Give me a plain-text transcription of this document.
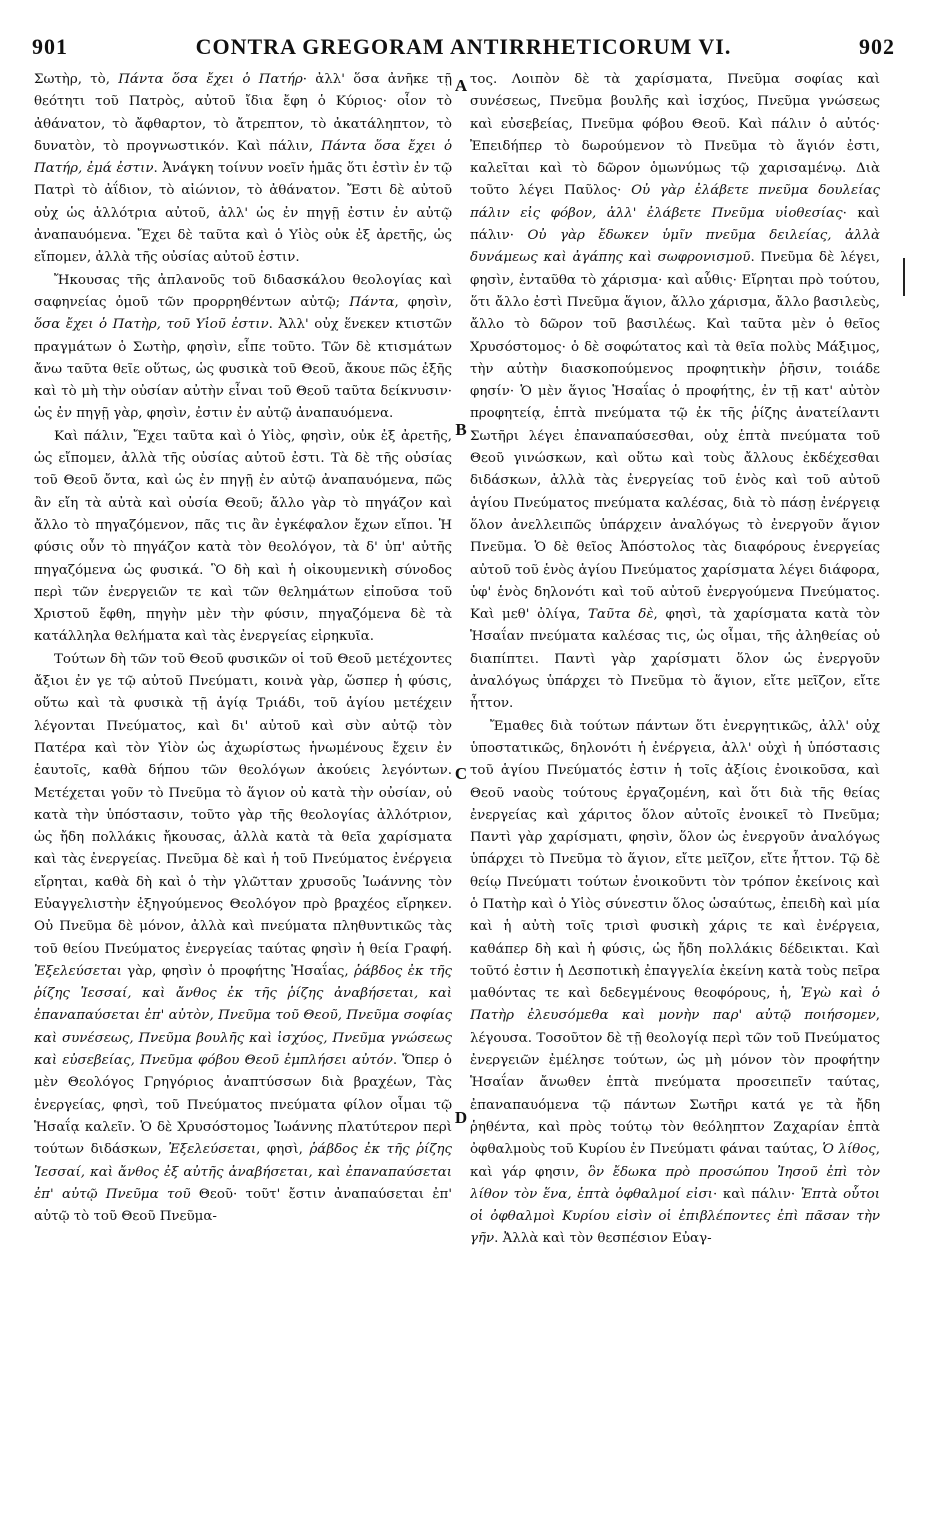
901	CONTRA GREGORAM ANTIRRHETICORUM VI.	902

Σωτὴρ, τὸ, Πάντα ὅσα ἔχει ὁ Πατήρ· ἀλλ' ὅσα ἀνῆκε τῇ θεότητι τοῦ Πατρὸς, αὐτοῦ ἴδια ἔφη ὁ Κύριος· οἷον τὸ ἀθάνατον, τὸ ἄφθαρτον, τὸ ἄτρεπτον, τὸ ἀκατάληπτον, τὸ δυνατὸν, τὸ προγνωστικόν. Καὶ πάλιν, Πάντα ὅσα ἔχει ὁ Πατήρ, ἐμά ἐστιν. Ἀνάγκη τοίνυν νοεῖν ἡμᾶς ὅτι ἐστὶν ἐν τῷ Πατρὶ τὸ ἀΐδιον, τὸ αἰώνιον, τὸ ἀθάνατον. Ἔστι δὲ αὐτοῦ οὐχ ὡς ἀλλότρια αὐτοῦ, ἀλλ' ὡς ἐν πηγῇ ἐστιν ἐν αὐτῷ ἀναπαυόμενα. Ἔχει δὲ ταῦτα καὶ ὁ Υἱὸς οὐκ ἐξ ἀρετῆς, ὡς εἴπομεν, ἀλλὰ τῆς οὐσίας αὐτοῦ ἐστιν.

Ἤκουσας τῆς ἀπλανοῦς τοῦ διδασκάλου θεολογίας καὶ σαφηνείας ὁμοῦ τῶν προρρηθέντων αὐτῷ; Πάντα, φησὶν, ὅσα ἔχει ὁ Πατὴρ, τοῦ Υἱοῦ ἐστιν. Ἀλλ' οὐχ ἕνεκεν κτιστῶν πραγμάτων ὁ Σωτὴρ, φησὶν, εἶπε τοῦτο. Τῶν δὲ κτισμάτων ἄνω ταῦτα θεῖε οὕτως, ὡς φυσικὰ τοῦ Θεοῦ, ἄκουε πῶς ἐξῆς καὶ τὸ μὴ τὴν οὐσίαν αὐτὴν εἶναι τοῦ Θεοῦ ταῦτα δείκνυσιν· ὡς ἐν πηγῇ γὰρ, φησὶν, ἐστιν ἐν αὐτῷ ἀναπαυόμενα.

Καὶ πάλιν, Ἔχει ταῦτα καὶ ὁ Υἱὸς, φησὶν, οὐκ ἐξ ἀρετῆς, ὡς εἴπομεν, ἀλλὰ τῆς οὐσίας αὐτοῦ ἐστι. Τὰ δὲ τῆς οὐσίας τοῦ Θεοῦ ὄντα, καὶ ὡς ἐν πηγῇ ἐν αὐτῷ ἀναπαυόμενα, πῶς ἂν εἴη τὰ αὐτὰ καὶ οὐσία Θεοῦ; ἄλλο γὰρ τὸ πηγάζον καὶ ἄλλο τὸ πηγαζόμενον, πᾶς τις ἂν ἐγκέφαλον ἔχων εἴποι. Ἡ φύσις οὖν τὸ πηγάζον κατὰ τὸν θεολόγον, τὰ δ' ὑπ' αὐτῆς πηγαζόμενα ὡς φυσικά. Ὃ δὴ καὶ ἡ οἰκουμενικὴ σύνοδος περὶ τῶν ἐνεργειῶν τε καὶ τῶν θελημάτων εἰποῦσα τοῦ Χριστοῦ ἔφθη, πηγὴν μὲν τὴν φύσιν, πηγαζόμενα δὲ τὰ κατάλληλα θελήματα καὶ τὰς ἐνεργείας εἰρηκυῖα.

Τούτων δὴ τῶν τοῦ Θεοῦ φυσικῶν οἱ τοῦ Θεοῦ μετέχοντες ἄξιοι ἐν γε τῷ αὐτοῦ Πνεύματι, κοινὰ γὰρ, ὥσπερ ἡ φύσις, οὕτω καὶ τὰ φυσικὰ τῇ ἁγίᾳ Τριάδι, τοῦ ἁγίου μετέχειν λέγονται Πνεύματος, καὶ δι' αὐτοῦ καὶ σὺν αὐτῷ τὸν Πατέρα καὶ τὸν Υἱὸν ὡς ἀχωρίστως ἡνωμένους ἔχειν ἐν ἑαυτοῖς, καθὰ δήπου τῶν θεολόγων ἀκούεις λεγόντων. Μετέχεται γοῦν τὸ Πνεῦμα τὸ ἅγιον οὐ κατὰ τὴν οὐσίαν, οὐ κατὰ τὴν ὑπόστασιν, τοῦτο γὰρ τῆς θεολογίας ἀλλότριον, ὡς ἤδη πολλάκις ἤκουσας, ἀλλὰ κατὰ τὰ θεῖα χαρίσματα καὶ τὰς ἐνεργείας. Πνεῦμα δὲ καὶ ἡ τοῦ Πνεύματος ἐνέργεια εἴρηται, καθὰ δὴ καὶ ὁ τὴν γλῶτταν χρυσοῦς Ἰωάννης τὸν Εὐαγγελιστὴν ἐξηγούμενος Θεολόγον πρὸ βραχέος εἴρηκεν. Οὐ Πνεῦμα δὲ μόνον, ἀλλὰ καὶ πνεύματα πληθυντικῶς τὰς τοῦ θείου Πνεύματος ἐνεργείας ταύτας φησὶν ἡ θεία Γραφή. Ἐξελεύσεται γὰρ, φησὶν ὁ προφήτης Ἡσαΐας, ῥάβδος ἐκ τῆς ῥίζης Ἰεσσαί, καὶ ἄνθος ἐκ τῆς ῥίζης ἀναβήσεται, καὶ ἐπαναπαύσεται ἐπ' αὐτὸν, Πνεῦμα τοῦ Θεοῦ, Πνεῦμα σοφίας καὶ συνέσεως, Πνεῦμα βουλῆς καὶ ἰσχύος, Πνεῦμα γνώσεως καὶ εὐσεβείας, Πνεῦμα φόβου Θεοῦ ἐμπλήσει αὐτόν. Ὅπερ ὁ μὲν Θεολόγος Γρηγόριος ἀναπτύσσων διὰ βραχέων, Τὰς ἐνεργείας, φησὶ, τοῦ Πνεύματος πνεύματα φίλον οἶμαι τῷ Ἡσαΐᾳ καλεῖν. Ὁ δὲ Χρυσόστομος Ἰωάννης πλατύτερον περὶ τούτων διδάσκων, Ἐξελεύσεται, φησὶ, ῥάβδος ἐκ τῆς ῥίζης Ἰεσσαί, καὶ ἄνθος ἐξ αὐτῆς ἀναβήσεται, καὶ ἐπαναπαύσεται ἐπ' αὐτῷ Πνεῦμα τοῦ Θεοῦ· τοῦτ' ἔστιν ἀναπαύσεται ἐπ' αὐτῷ τὸ τοῦ Θεοῦ Πνεῦμα-

τος. Λοιπὸν δὲ τὰ χαρίσματα, Πνεῦμα σοφίας καὶ συνέσεως, Πνεῦμα βουλῆς καὶ ἰσχύος, Πνεῦμα γνώσεως καὶ εὐσεβείας, Πνεῦμα φόβου Θεοῦ. Καὶ πάλιν ὁ αὐτός· Ἐπειδήπερ τὸ δωρούμενον τὸ Πνεῦμα τὸ ἅγιόν ἐστι, καλεῖται καὶ τὸ δῶρον ὁμωνύμως τῷ χαρισαμένῳ. Διὰ τοῦτο λέγει Παῦλος· Οὐ γὰρ ἐλάβετε πνεῦμα δουλείας πάλιν εἰς φόβον, ἀλλ' ἐλάβετε Πνεῦμα υἱοθεσίας· καὶ πάλιν· Οὐ γὰρ ἔδωκεν ὑμῖν πνεῦμα δειλείας, ἀλλὰ δυνάμεως καὶ ἀγάπης καὶ σωφρονισμοῦ. Πνεῦμα δὲ λέγει, φησὶν, ἐνταῦθα τὸ χάρισμα· καὶ αὖθις· Εἴρηται πρὸ τούτου, ὅτι ἄλλο ἐστὶ Πνεῦμα ἅγιον, ἄλλο χάρισμα, ἄλλο βασιλεὺς, ἄλλο τὸ δῶρον τοῦ βασιλέως. Καὶ ταῦτα μὲν ὁ θεῖος Χρυσόστομος· ὁ δὲ σοφώτατος καὶ τὰ θεῖα πολὺς Μάξιμος, τὴν αὐτὴν διασκοπούμενος προφητικὴν ῥῆσιν, τοιάδε φησίν· Ὁ μὲν ἅγιος Ἡσαΐας ὁ προφήτης, ἐν τῇ κατ' αὐτὸν προφητείᾳ, ἑπτὰ πνεύματα τῷ ἐκ τῆς ῥίζης ἀνατείλαντι Σωτῆρι λέγει ἐπαναπαύσεσθαι, οὐχ ἑπτὰ πνεύματα τοῦ Θεοῦ γινώσκων, καὶ οὕτω καὶ τοὺς ἄλλους ἐκδέχεσθαι διδάσκων, ἀλλὰ τὰς ἐνεργείας τοῦ ἑνὸς καὶ τοῦ αὐτοῦ ἁγίου Πνεύματος πνεύματα καλέσας, διὰ τὸ πάσῃ ἐνέργειᾳ ὅλον ἀνελλειπῶς ὑπάρχειν ἀναλόγως τὸ ἐνεργοῦν ἅγιον Πνεῦμα. Ὁ δὲ θεῖος Ἀπόστολος τὰς διαφόρους ἐνεργείας αὐτοῦ τοῦ ἑνὸς ἁγίου Πνεύματος χαρίσματα λέγει διάφορα, ὑφ' ἑνὸς δηλονότι καὶ τοῦ αὐτοῦ ἐνεργούμενα Πνεύματος. Καὶ μεθ' ὀλίγα, Ταῦτα δὲ, φησὶ, τὰ χαρίσματα κατὰ τὸν Ἡσαΐαν πνεύματα καλέσας τις, ὡς οἶμαι, τῆς ἀληθείας οὐ διαπίπτει. Παντὶ γὰρ χαρίσματι ὅλον ὡς ἐνεργοῦν ἀναλόγως ὑπάρχει τὸ Πνεῦμα τὸ ἅγιον, εἴτε μεῖζον, εἴτε ἧττον.

Ἔμαθες διὰ τούτων πάντων ὅτι ἐνεργητικῶς, ἀλλ' οὐχ ὑποστατικῶς, δηλονότι ἡ ἐνέργεια, ἀλλ' οὐχὶ ἡ ὑπόστασις τοῦ ἁγίου Πνεύματός ἐστιν ἡ τοῖς ἀξίοις ἐνοικοῦσα, καὶ Θεοῦ ναοὺς τούτους ἐργαζομένη, καὶ ὅτι διὰ τῆς θείας ἐνεργείας καὶ χάριτος ὅλον αὐτοῖς ἐνοικεῖ τὸ Πνεῦμα; Παντὶ γὰρ χαρίσματι, φησὶν, ὅλον ὡς ἐνεργοῦν ἀναλόγως ὑπάρχει τὸ Πνεῦμα τὸ ἅγιον, εἴτε μεῖζον, εἴτε ἧττον. Τῷ δὲ θείῳ Πνεύματι τούτων ἐνοικοῦντι τὸν τρόπον ἐκείνοις καὶ ὁ Πατὴρ καὶ ὁ Υἱὸς σύνεστιν ὅλος ὡσαύτως, ἐπειδὴ καὶ μία καὶ ἡ αὐτὴ τοῖς τρισὶ φυσικὴ χάρις τε καὶ ἐνέργεια, καθάπερ δὴ καὶ ἡ φύσις, ὡς ἤδη πολλάκις δέδεικται. Καὶ τοῦτό ἐστιν ἡ Δεσποτικὴ ἐπαγγελία ἐκείνη κατὰ τοὺς πεῖρα μαθόντας τε καὶ δεδεγμένους θεοφόρους, ἡ, Ἐγὼ καὶ ὁ Πατὴρ ἐλευσόμεθα καὶ μονὴν παρ' αὐτῷ ποιήσομεν, λέγουσα. Τοσοῦτον δὲ τῇ θεολογίᾳ περὶ τῶν τοῦ Πνεύματος ἐνεργειῶν ἐμέλησε τούτων, ὡς μὴ μόνον τὸν προφήτην Ἡσαΐαν ἄνωθεν ἑπτὰ πνεύματα προσειπεῖν ταύτας, ἐπαναπαυόμενα τῷ πάντων Σωτῆρι κατά γε τὰ ἤδη ῥηθέντα, καὶ πρὸς τούτῳ τὸν θεόληπτον Ζαχαρίαν ἑπτὰ ὀφθαλμοὺς τοῦ Κυρίου ἐν Πνεύματι φάναι ταύτας, Ὁ λίθος, καὶ γάρ φησιν, ὃν ἔδωκα πρὸ προσώπου Ἰησοῦ ἐπὶ τὸν λίθον τὸν ἕνα, ἑπτὰ ὀφθαλμοί εἰσι· καὶ πάλιν· Ἑπτὰ οὗτοι οἱ ὀφθαλμοὶ Κυρίου εἰσὶν οἱ ἐπιβλέποντες ἐπὶ πᾶσαν τὴν γῆν. Ἀλλὰ καὶ τὸν θεσπέσιον Εὐαγ-

A
B
C
D
